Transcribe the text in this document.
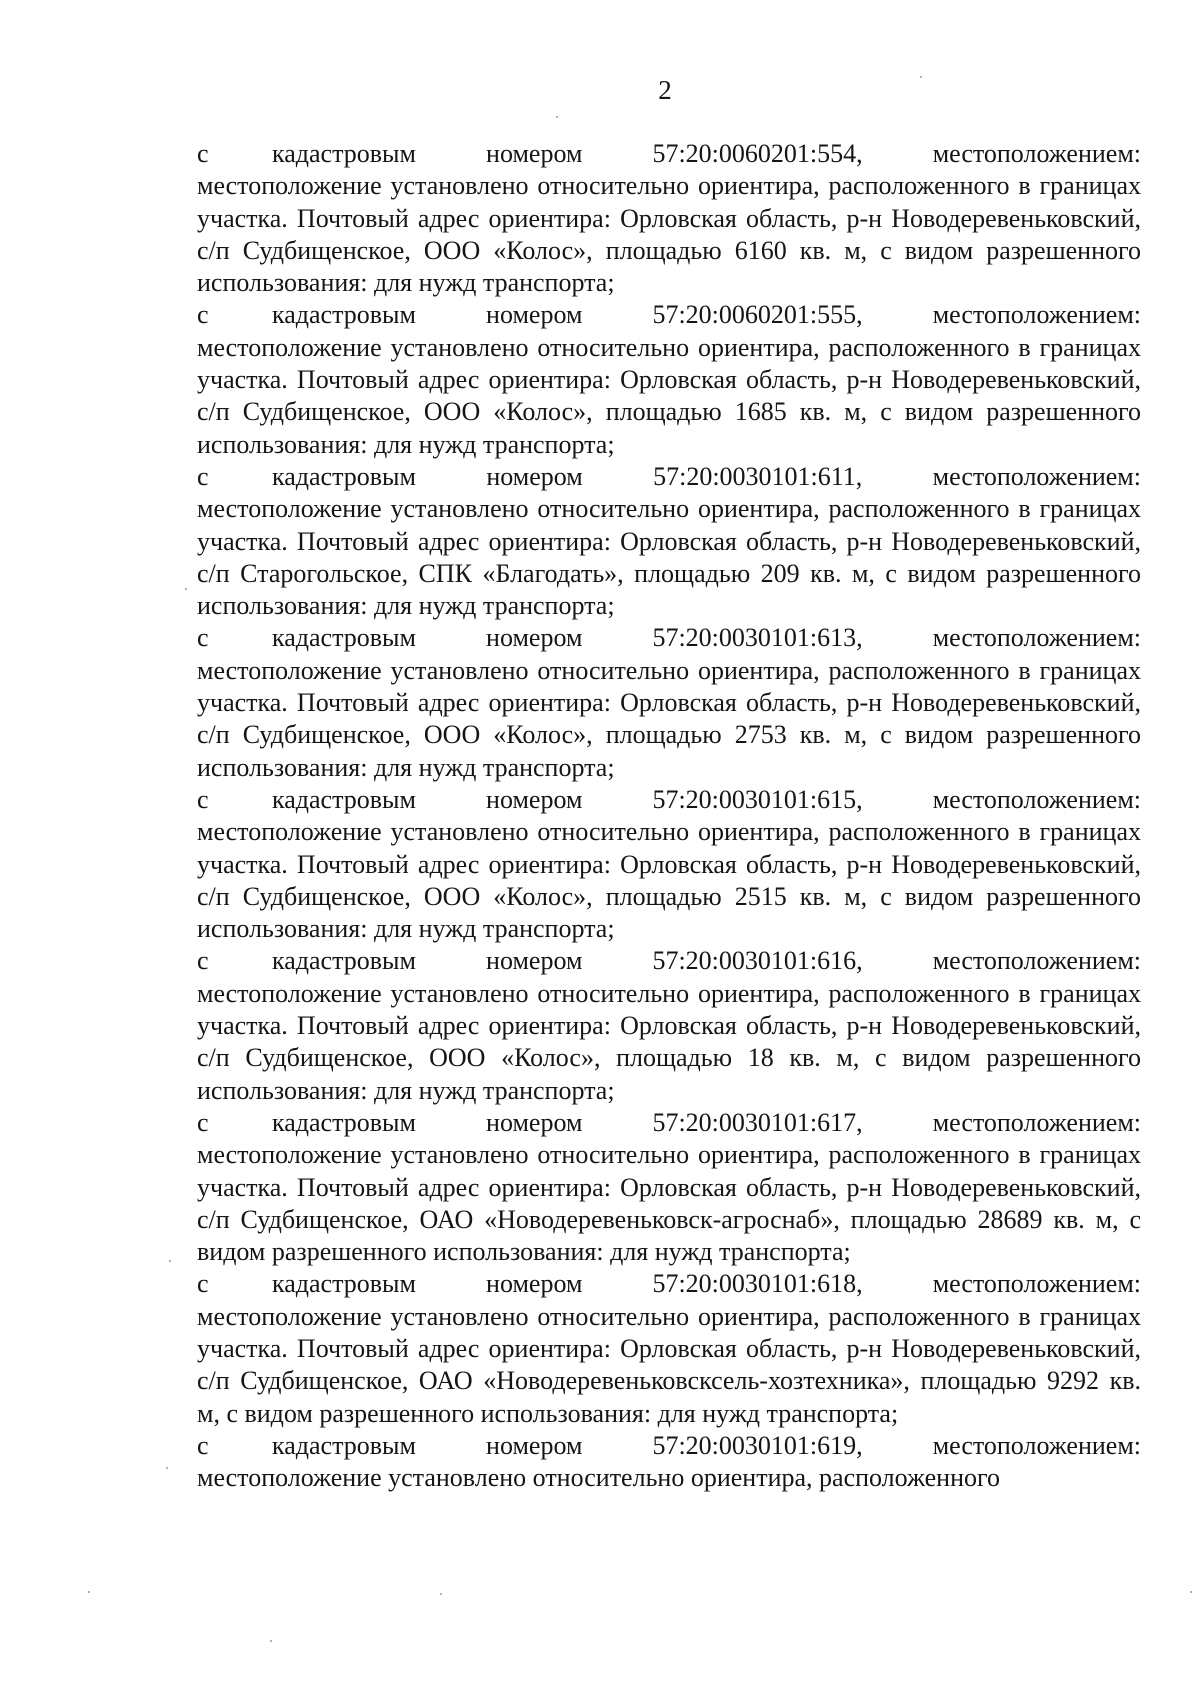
2

с кадастровым номером 57:20:0060201:554, местоположением:
местоположение установлено относительно ориентира, расположенного в границах участка. Почтовый адрес ориентира: Орловская область, р-н Новодеревеньковский, с/п Судбищенское, ООО «Колос», площадью 6160 кв. м, с видом разрешенного использования: для нужд транспорта;

с кадастровым номером 57:20:0060201:555, местоположением:
местоположение установлено относительно ориентира, расположенного в границах участка. Почтовый адрес ориентира: Орловская область, р-н Новодеревеньковский, с/п Судбищенское, ООО «Колос», площадью 1685 кв. м, с видом разрешенного использования: для нужд транспорта;

с кадастровым номером 57:20:0030101:611, местоположением:
местоположение установлено относительно ориентира, расположенного в границах участка. Почтовый адрес ориентира: Орловская область, р-н Новодеревеньковский, с/п Старогольское, СПК «Благодать», площадью 209 кв. м, с видом разрешенного использования: для нужд транспорта;

с кадастровым номером 57:20:0030101:613, местоположением:
местоположение установлено относительно ориентира, расположенного в границах участка. Почтовый адрес ориентира: Орловская область, р-н Новодеревеньковский, с/п Судбищенское, ООО «Колос», площадью 2753 кв. м, с видом разрешенного использования: для нужд транспорта;

с кадастровым номером 57:20:0030101:615, местоположением:
местоположение установлено относительно ориентира, расположенного в границах участка. Почтовый адрес ориентира: Орловская область, р-н Новодеревеньковский, с/п Судбищенское, ООО «Колос», площадью 2515 кв. м, с видом разрешенного использования: для нужд транспорта;

с кадастровым номером 57:20:0030101:616, местоположением:
местоположение установлено относительно ориентира, расположенного в границах участка. Почтовый адрес ориентира: Орловская область, р-н Новодеревеньковский, с/п Судбищенское, ООО «Колос», площадью 18 кв. м, с видом разрешенного использования: для нужд транспорта;

с кадастровым номером 57:20:0030101:617, местоположением:
местоположение установлено относительно ориентира, расположенного в границах участка. Почтовый адрес ориентира: Орловская область, р-н Новодеревеньковский, с/п Судбищенское, ОАО «Новодеревеньковск-агроснаб», площадью 28689 кв. м, с видом разрешенного использования: для нужд транспорта;

с кадастровым номером 57:20:0030101:618, местоположением:
местоположение установлено относительно ориентира, расположенного в границах участка. Почтовый адрес ориентира: Орловская область, р-н Новодеревеньковский, с/п Судбищенское, ОАО «Новодеревеньковсксель-хозтехника», площадью 9292 кв. м, с видом разрешенного использования: для нужд транспорта;

с кадастровым номером 57:20:0030101:619, местоположением:
местоположение установлено относительно ориентира, расположенного
